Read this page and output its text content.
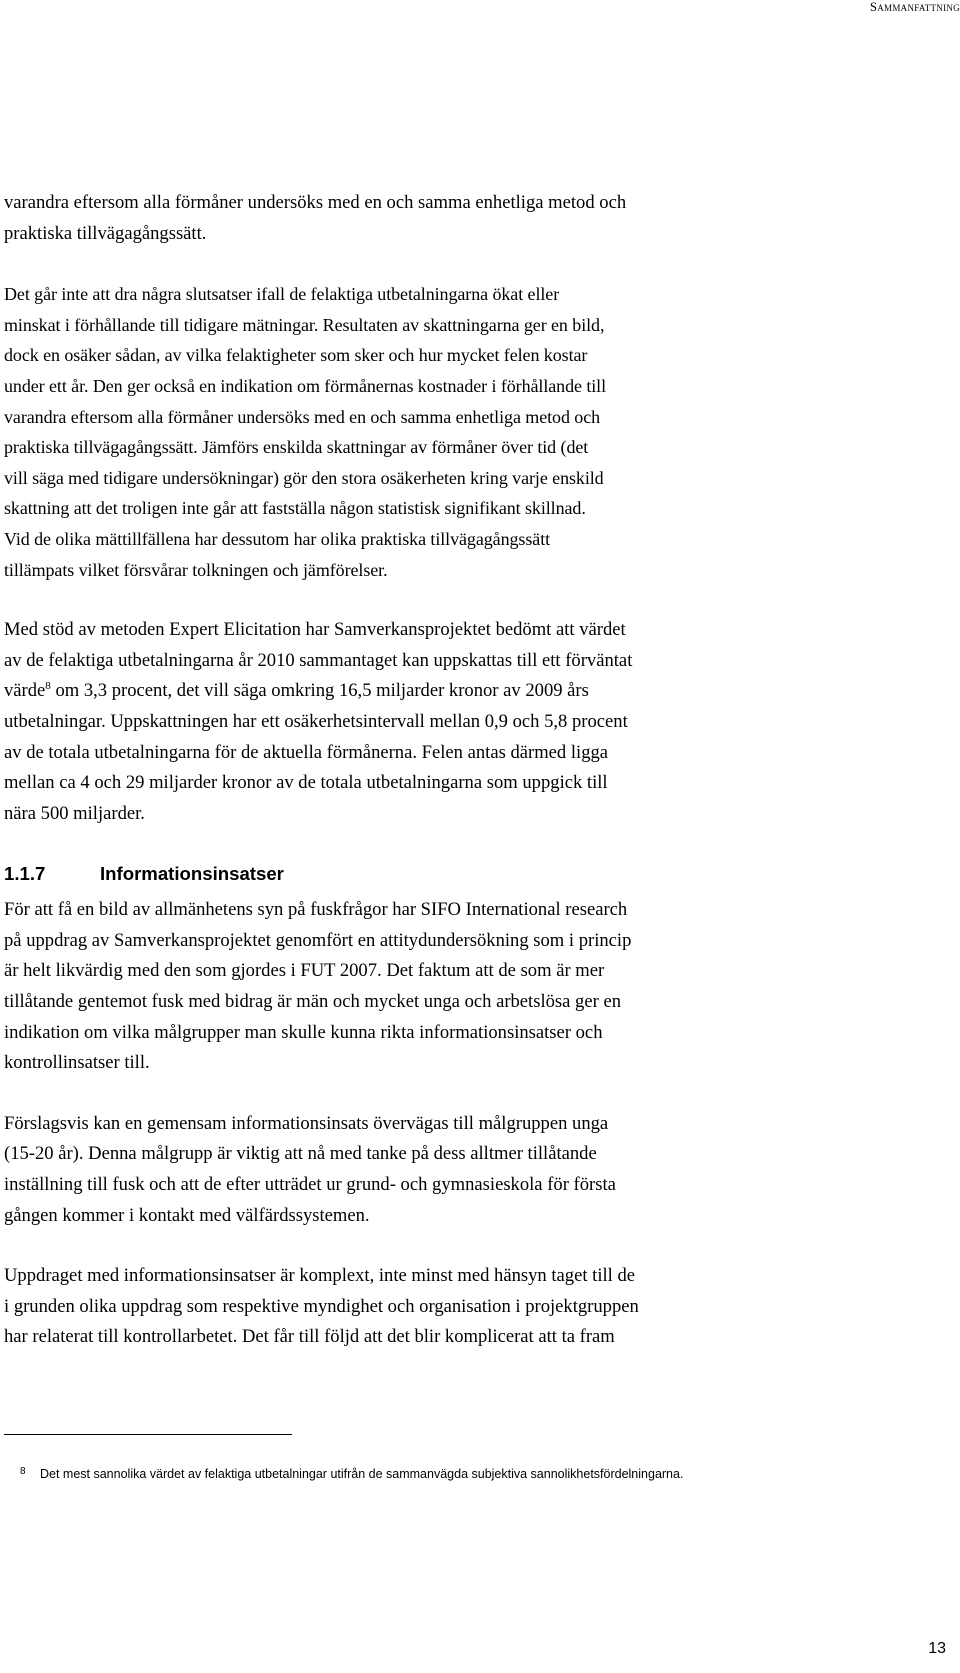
Sammanfattning

varandra eftersom alla förmåner undersöks med en och samma enhetliga metod och
praktiska tillvägagångssätt.

Det går inte att dra några slutsatser ifall de felaktiga utbetalningarna ökat eller
minskat i förhållande till tidigare mätningar. Resultaten av skattningarna ger en bild,
dock en osäker sådan, av vilka felaktigheter som sker och hur mycket felen kostar
under ett år. Den ger också en indikation om förmånernas kostnader i förhållande till
varandra eftersom alla förmåner undersöks med en och samma enhetliga metod och
praktiska tillvägagångssätt. Jämförs enskilda skattningar av förmåner över tid (det
vill säga med tidigare undersökningar) gör den stora osäkerheten kring varje enskild
skattning att det troligen inte går att fastställa någon statistisk signifikant skillnad.
Vid de olika mättillfällena har dessutom har olika praktiska tillvägagångssätt
tillämpats vilket försvårar tolkningen och jämförelser.

Med stöd av metoden Expert Elicitation har Samverkansprojektet bedömt att värdet
av de felaktiga utbetalningarna år 2010 sammantaget kan uppskattas till ett förväntat
värde$^8$ om 3,3 procent, det vill säga omkring 16,5 miljarder kronor av 2009 års
utbetalningar. Uppskattningen har ett osäkerhetsintervall mellan 0,9 och 5,8 procent
av de totala utbetalningarna för de aktuella förmånerna. Felen antas därmed ligga
mellan ca 4 och 29 miljarder kronor av de totala utbetalningarna som uppgick till
nära 500 miljarder.

1.1.7	Informationsinsatser

För att få en bild av allmänhetens syn på fuskfrågor har SIFO International research
på uppdrag av Samverkansprojektet genomfört en attitydundersökning som i princip
är helt likvärdig med den som gjordes i FUT 2007. Det faktum att de som är mer
tillåtande gentemot fusk med bidrag är män och mycket unga och arbetslösa ger en
indikation om vilka målgrupper man skulle kunna rikta informationsinsatser och
kontrollinsatser till.

Förslagsvis kan en gemensam informationsinsats övervägas till målgruppen unga
(15-20 år). Denna målgrupp är viktig att nå med tanke på dess alltmer tillåtande
inställning till fusk och att de efter utträdet ur grund- och gymnasieskola för första
gången kommer i kontakt med välfärdssystemen.

Uppdraget med informationsinsatser är komplext, inte minst med hänsyn taget till de
i grunden olika uppdrag som respektive myndighet och organisation i projektgruppen
har relaterat till kontrollarbetet. Det får till följd att det blir komplicerat att ta fram

8 Det mest sannolika värdet av felaktiga utbetalningar utifrån de sammanvägda subjektiva sannolikhetsfördelningarna.
13
